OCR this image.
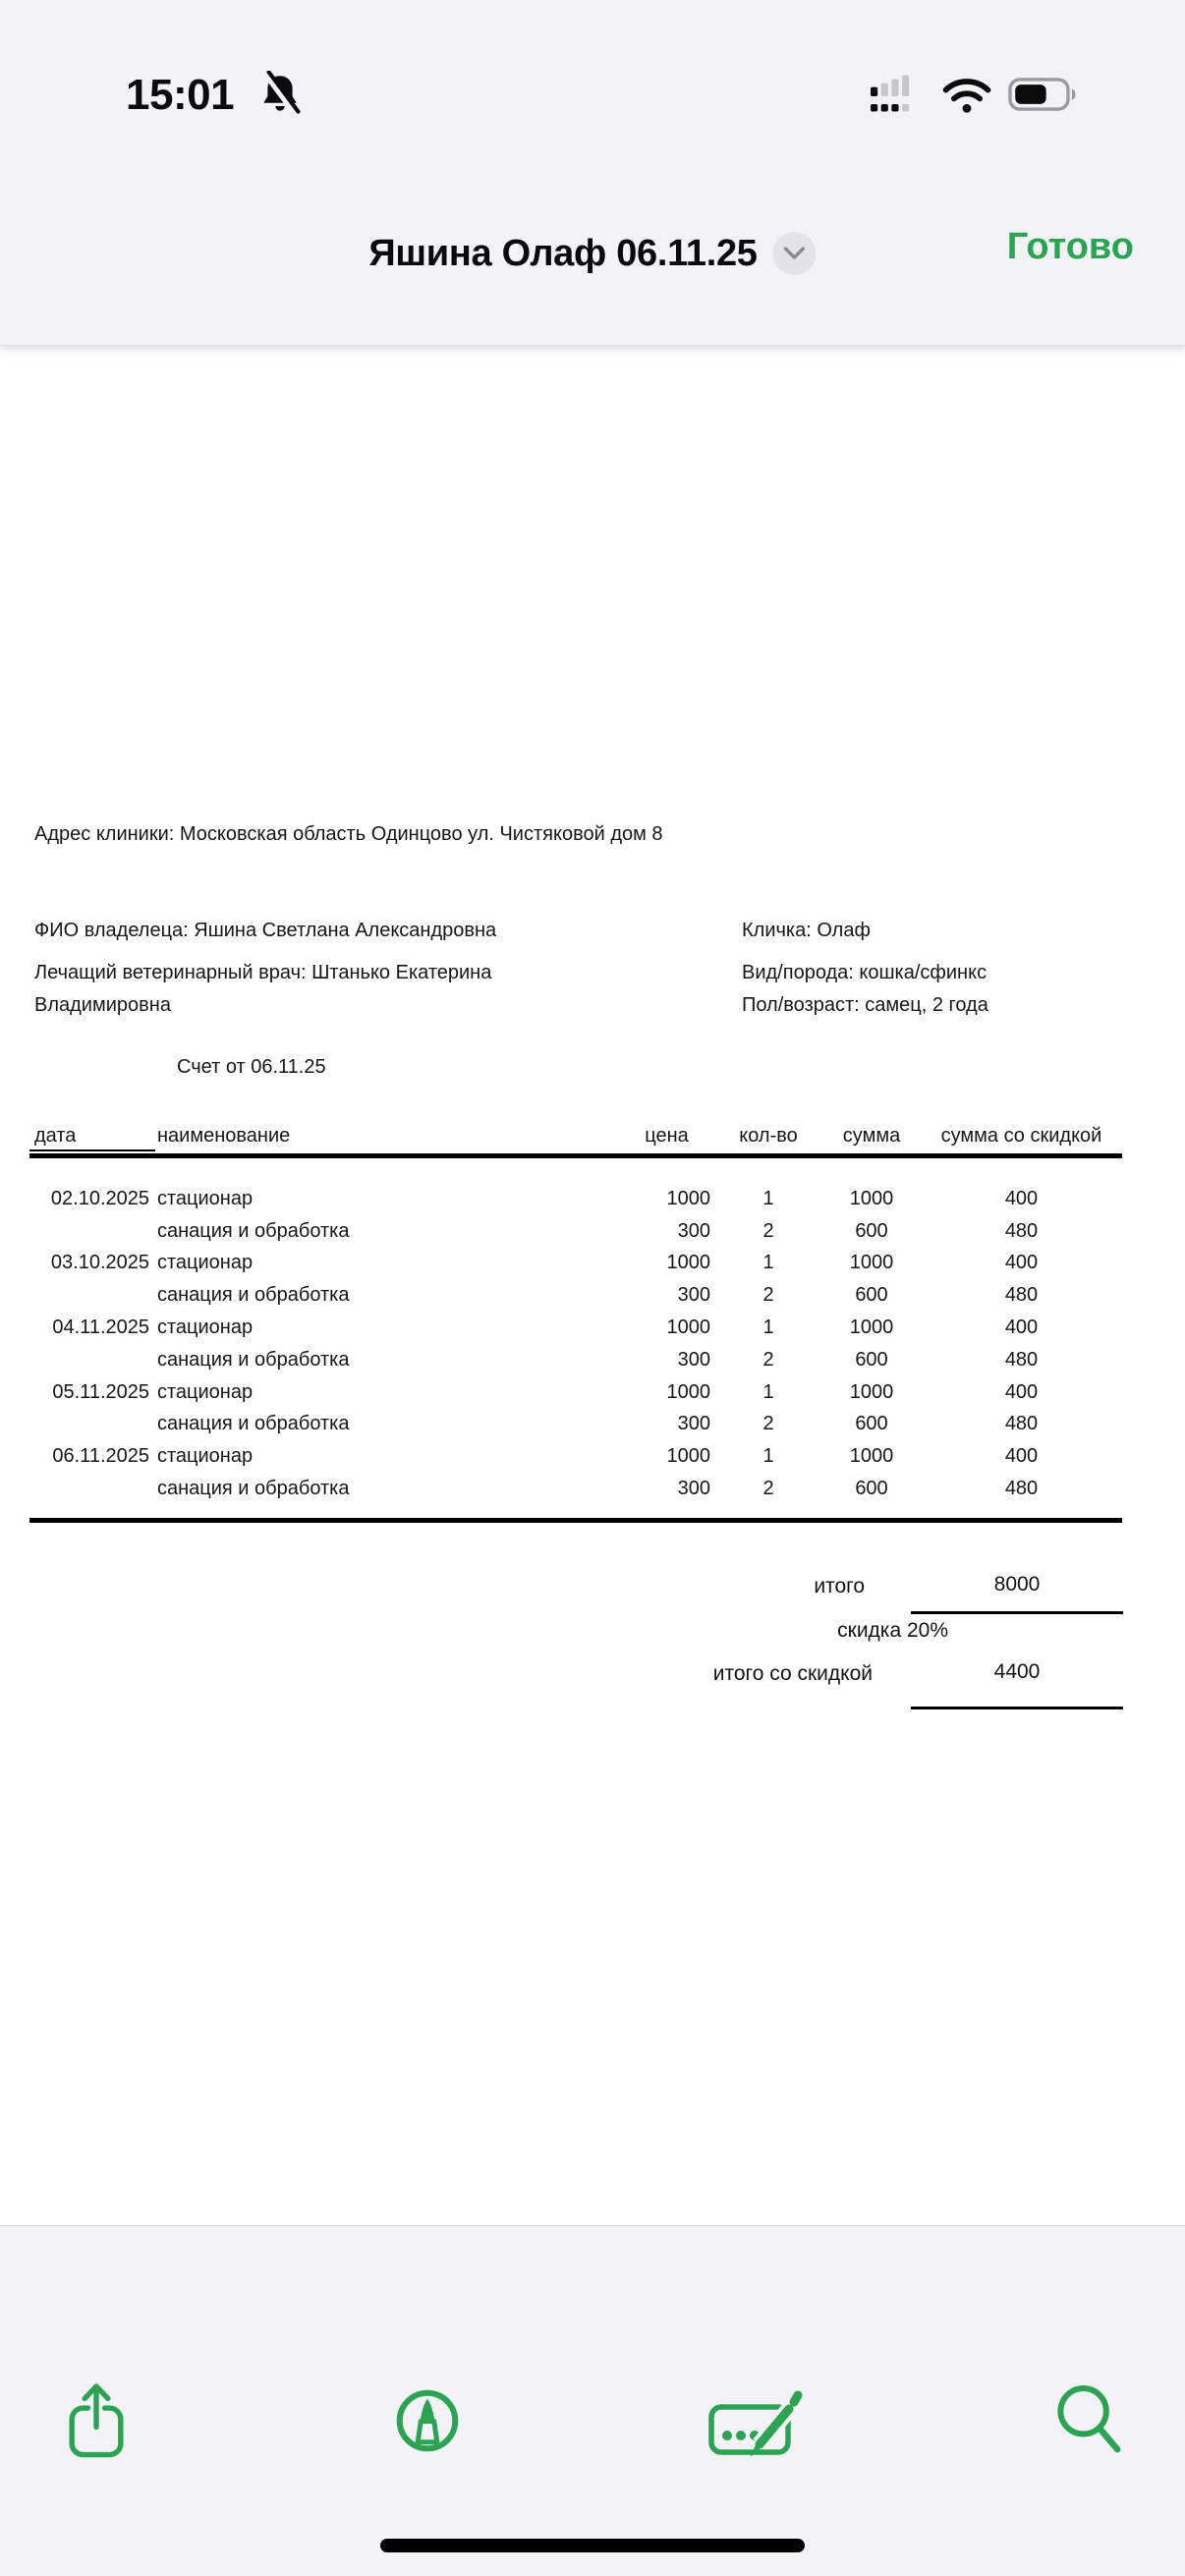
15:01
Яшина Олаф 06.11.25	Готово
Адрес клиники: Московская область Одинцово ул. Чистяковой дом 8
ФИО владелеца: Яшина Светлана Александровна	Кличка: Олаф
Лечащий ветеринарный врач: Штанько Екатерина	Вид/порода: кошка/сфинкс
Владимировна	Пол/возраст: самец, 2 года
Счет от 06.11.25
дата	наименование	цена	кол-во	сумма	сумма со скидкой
02.10.2025 стационар	1000	1	1000	400
санация и обработка	300	2	600	480
03.10.2025 стационар	1000	1	1000	400
санация и обработка	300	2	600	480
04.11.2025 стационар	1000	1	1000	400
санация и обработка	300	2	600	480
05.11.2025 стационар	1000	1	1000	400
санация и обработка	300	2	600	480
06.11.2025 стационар	1000	1	1000	400
санация и обработка	300	2	600	480
итого	8000
скидка 20%
итого со скидкой	4400
